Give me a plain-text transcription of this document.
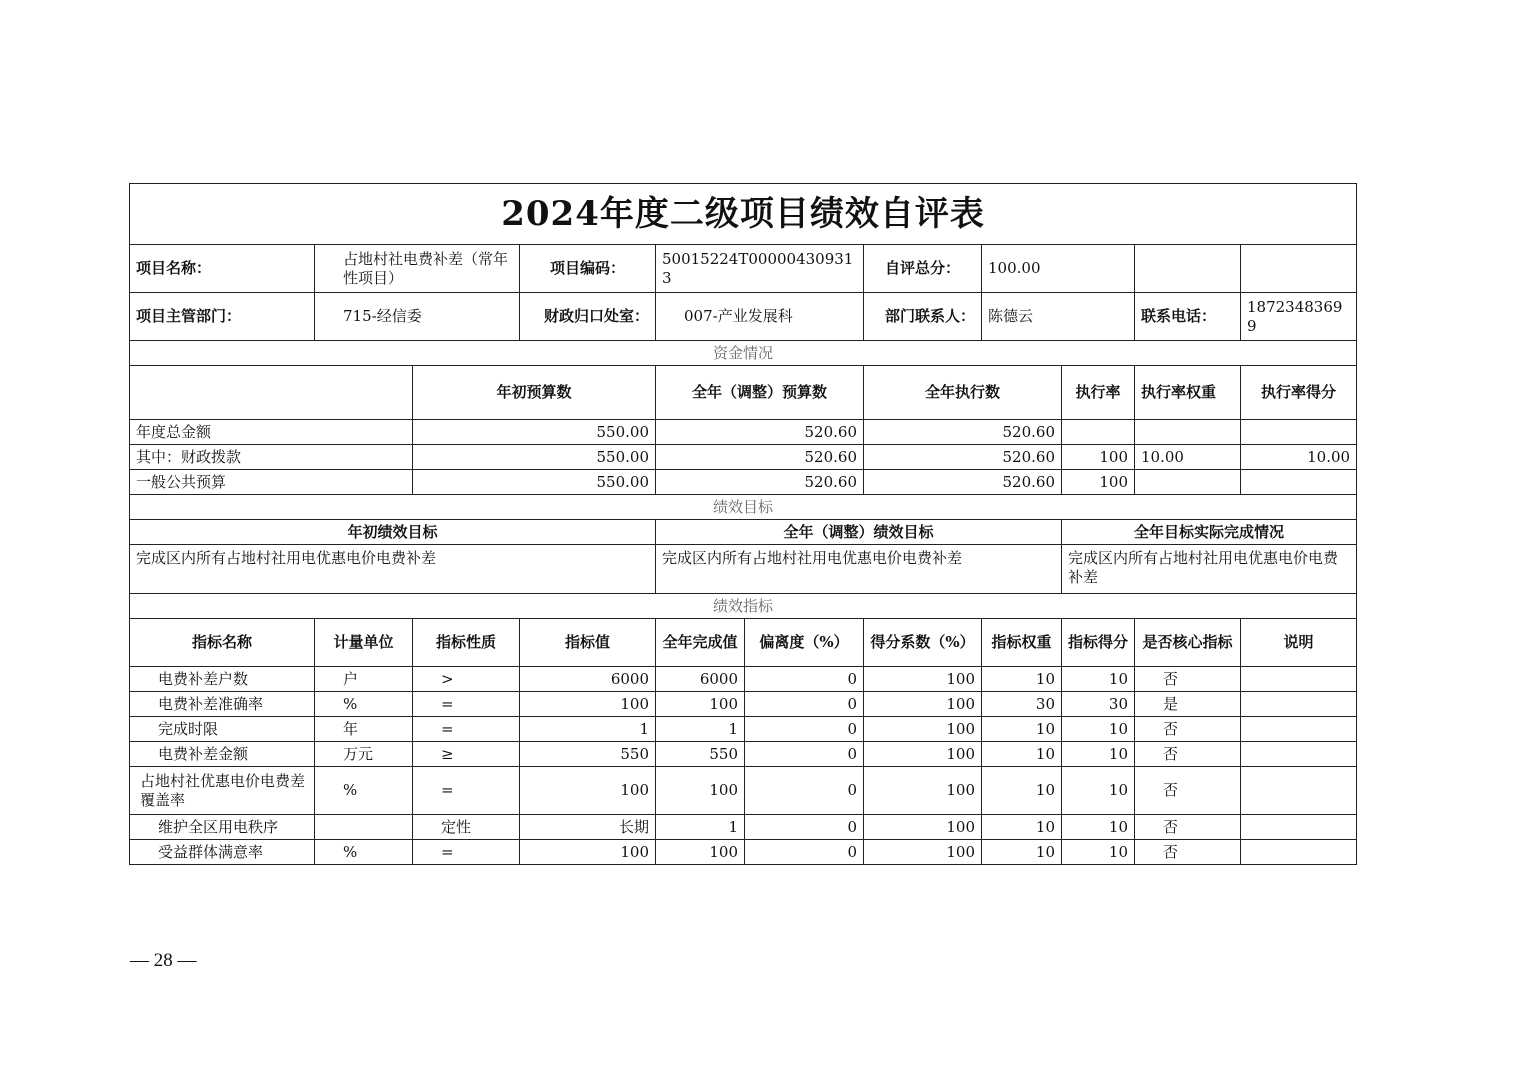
2024年度二级项目绩效自评表										
项目名称：	占地村社电费补差（常年性项目）		项目编码：	50015224T000004309313		自评总分：	100.00			
项目主管部门：	715-经信委		财政归口处室：	007-产业发展科		部门联系人：	陈德云		联系电话：	18723483699
资金情况										
		年初预算数		全年（调整）预算数		全年执行数		执行率	执行率权重	执行率得分
年度总金额		550.00		520.60		520.60				
其中：财政拨款		550.00		520.60		520.60		100	10.00	10.00
一般公共预算		550.00		520.60		520.60		100		
绩效目标										
年初绩效目标				全年（调整）绩效目标				全年目标实际完成情况		
完成区内所有占地村社用电优惠电价电费补差				完成区内所有占地村社用电优惠电价电费补差				完成区内所有占地村社用电优惠电价电费补差		
绩效指标										
指标名称	计量单位	指标性质	指标值	全年完成值	偏离度（%）	得分系数（%）	指标权重	指标得分	是否核心指标	说明
电费补差户数	户	>	6000	6000	0	100	10	10	否	
电费补差准确率	%	=	100	100	0	100	30	30	是	
完成时限	年	=	1	1	0	100	10	10	否	
电费补差金额	万元	≥	550	550	0	100	10	10	否	
占地村社优惠电价电费差覆盖率	%	=	100	100	0	100	10	10	否	
维护全区用电秩序		定性	长期	1	0	100	10	10	否	
受益群体满意率	%	=	100	100	0	100	10	10	否	
— 28 —
